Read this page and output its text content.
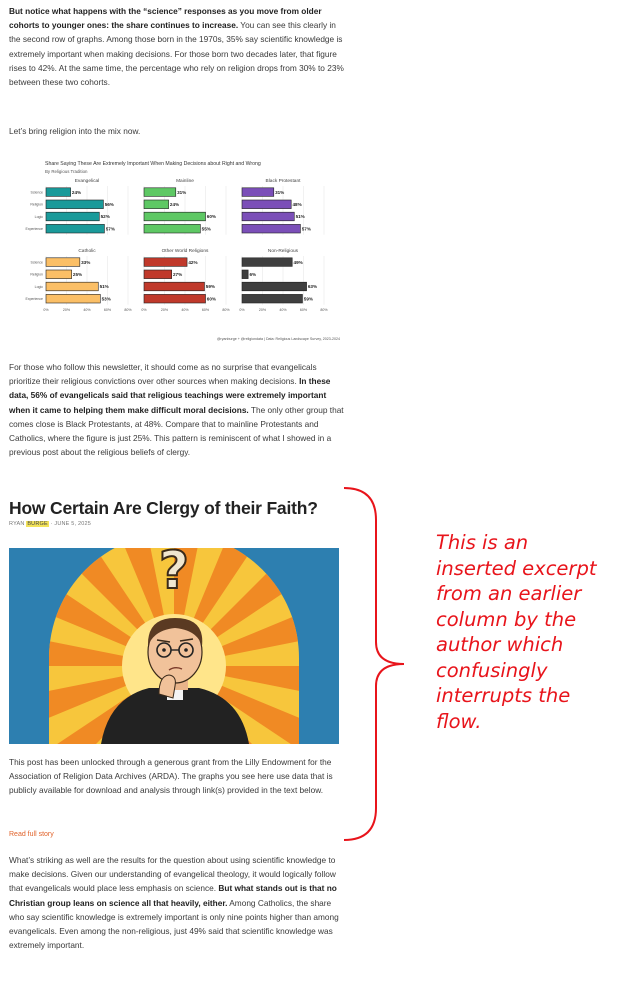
But notice what happens with the “science” responses as you move from older cohorts to younger ones: the share continues to increase. You can see this clearly in the second row of graphs. Among those born in the 1970s, 35% say scientific knowledge is extremely important when making decisions. For those born two decades later, that figure rises to 42%. At the same time, the percentage who rely on religion drops from 30% to 23% between these two cohorts.

Let’s bring religion into the mix now.

Share Saying These Are Extremely Important When Making Decisions about Right and Wrong
By Religious Tradition
Evangelical
24%
Science
56%
Religion
52%
Logic
57%
Experience
Mainline
31%
24%
60%
55%
Black Protestant
31%
48%
51%
57%
Catholic
33%
Science
25%
Religion
51%
Logic
53%
Experience
0%	20%	40%	60%	80%
Other World Religions
42%
27%
59%
60%
0%	20%	40%	60%	80%
Non-Religious
49%
6%
63%
59%
0%	20%	40%	60%	80%
@ryanburge + @religiondata | Data: Religious Landscape Survey, 2023-2024

For those who follow this newsletter, it should come as no surprise that evangelicals prioritize their religious convictions over other sources when making decisions. In these data, 56% of evangelicals said that religious teachings were extremely important when it came to helping them make difficult moral decisions. The only other group that comes close is Black Protestants, at 48%. Compare that to mainline Protestants and Catholics, where the figure is just 25%. This pattern is reminiscent of what I showed in a previous post about the religious beliefs of clergy.

How Certain Are Clergy of their Faith?
RYAN BURGE · JUNE 5, 2025
?

This post has been unlocked through a generous grant from the Lilly Endowment for the Association of Religion Data Archives (ARDA). The graphs you see here use data that is publicly available for download and analysis through link(s) provided in the text below.

Read full story

What’s striking as well are the results for the question about using scientific knowledge to make decisions. Given our understanding of evangelical theology, it would logically follow that evangelicals would place less emphasis on science. But what stands out is that no Christian group leans on science all that heavily, either. Among Catholics, the share who say scientific knowledge is extremely important is only nine points higher than among evangelicals. Even among the non-religious, just 49% said that scientific knowledge was extremely important.

This is an inserted excerpt from an earlier column by the author which confusingly interrupts the flow.
